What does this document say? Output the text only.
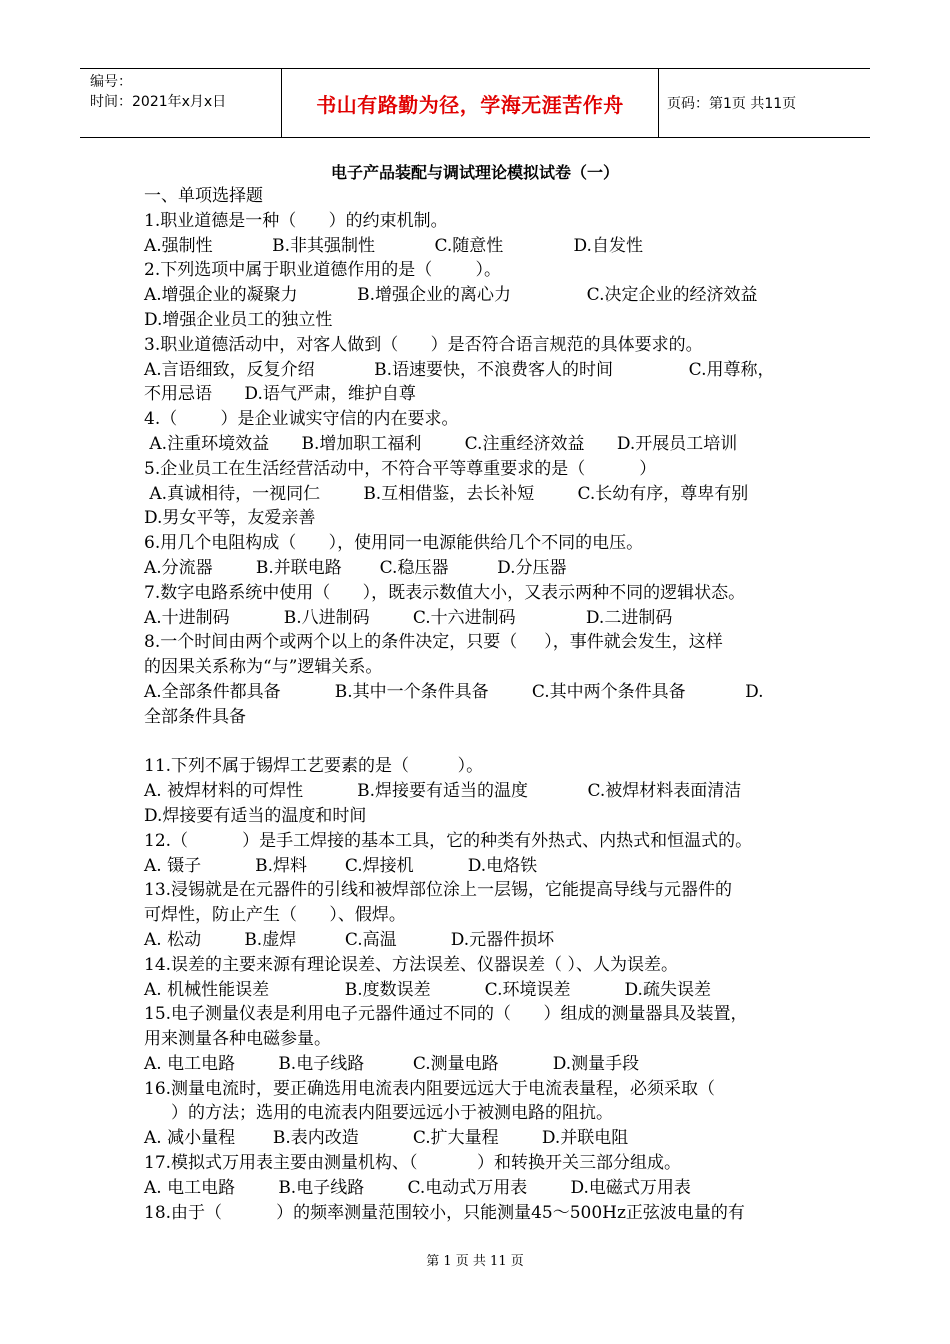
编号：
时间：2021年x月x日	书山有路勤为径，学海无涯苦作舟	页码：第1页 共11页
电子产品装配与调试理论模拟试卷（一）

一、单项选择题

1.职业道德是一种（      ）的约束机制。

A.强制性           B.非其强制性           C.随意性             D.自发性

2.下列选项中属于职业道德作用的是（        ）。

A.增强企业的凝聚力           B.增强企业的离心力              C.决定企业的经济效益

D.增强企业员工的独立性

3.职业道德活动中，对客人做到（      ）是否符合语言规范的具体要求的。

A.言语细致，反复介绍           B.语速要快，不浪费客人的时间              C.用尊称，

不用忌语      D.语气严肃，维护自尊

4.（        ）是企业诚实守信的内在要求。

A.注重环境效益      B.增加职工福利        C.注重经济效益      D.开展员工培训

5.企业员工在生活经营活动中，不符合平等尊重要求的是（          ）

A.真诚相待，一视同仁        B.互相借鉴，去长补短        C.长幼有序，尊卑有别

D.男女平等，友爱亲善

6.用几个电阻构成（      ），使用同一电源能供给几个不同的电压。

A.分流器        B.并联电路       C.稳压器         D.分压器

7.数字电路系统中使用（      ），既表示数值大小，又表示两种不同的逻辑状态。

A.十进制码          B.八进制码        C.十六进制码             D.二进制码

8.一个时间由两个或两个以上的条件决定，只要（     ），事件就会发生，这样

的因果关系称为“与”逻辑关系。

A.全部条件都具备          B.其中一个条件具备        C.其中两个条件具备           D.

全部条件具备

11.下列不属于锡焊工艺要素的是（         ）。

A. 被焊材料的可焊性          B.焊接要有适当的温度           C.被焊材料表面清洁

D.焊接要有适当的温度和时间

12.（          ）是手工焊接的基本工具，它的种类有外热式、内热式和恒温式的。

A. 镊子          B.焊料       C.焊接机          D.电烙铁

13.浸锡就是在元器件的引线和被焊部位涂上一层锡，它能提高导线与元器件的

可焊性，防止产生（      ）、假焊。

A. 松动        B.虚焊         C.高温          D.元器件损坏

14.误差的主要来源有理论误差、方法误差、仪器误差（ ）、人为误差。

A. 机械性能误差              B.度数误差          C.环境误差          D.疏失误差

15.电子测量仪表是利用电子元器件通过不同的（      ）组成的测量器具及装置，

用来测量各种电磁参量。

A. 电工电路        B.电子线路         C.测量电路          D.测量手段

16.测量电流时，要正确选用电流表内阻要远远大于电流表量程，必须采取（

）的方法；选用的电流表内阻要远远小于被测电路的阻抗。

A. 减小量程       B.表内改造          C.扩大量程        D.并联电阻

17.模拟式万用表主要由测量机构、（           ）和转换开关三部分组成。

A. 电工电路        B.电子线路        C.电动式万用表        D.电磁式万用表

18.由于（          ）的频率测量范围较小，只能测量45～500Hz正弦波电量的有

第 1 页 共 11 页
